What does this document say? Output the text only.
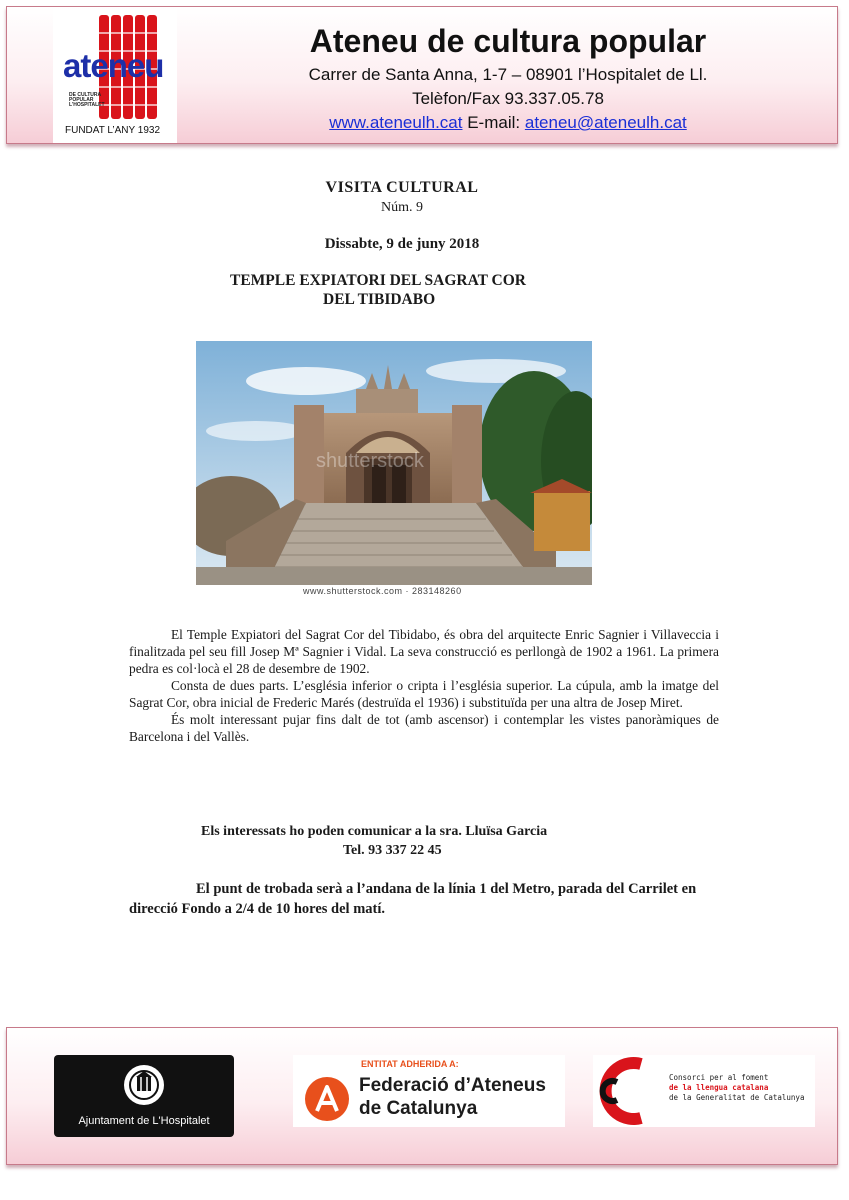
ateneu
DE CULTURA
POPULAR
L'HOSPITALET
FUNDAT L’ANY 1932
Ateneu de cultura popular
Carrer de Santa Anna, 1-7 – 08901 l’Hospitalet de Ll.
Telèfon/Fax 93.337.05.78
www.ateneulh.cat E-mail: ateneu@ateneulh.cat
VISITA CULTURAL
Núm. 9
Dissabte, 9 de juny 2018
TEMPLE EXPIATORI DEL SAGRAT COR
DEL TIBIDABO
shutterstock
www.shutterstock.com · 283148260

El Temple Expiatori del Sagrat Cor del Tibidabo, és obra del arquitecte Enric Sagnier i Villaveccia i finalitzada pel seu fill Josep Mª Sagnier i Vidal. La seva construcció es perllongà de 1902 a 1961. La primera pedra es col·locà el 28 de desembre de 1902.

Consta de dues parts. L’església inferior o cripta i l’església superior. La cúpula, amb la imatge del Sagrat Cor, obra inicial de Frederic Marés (destruïda el 1936) i substituïda per una altra de Josep Miret.

És molt interessant pujar fins dalt de tot (amb ascensor) i contemplar les vistes panoràmiques de Barcelona i del Vallès.

Els interessats ho poden comunicar a la sra. Lluïsa Garcia
Tel. 93 337 22 45

El punt de trobada serà a l’andana de la línia 1 del Metro, parada del Carrilet en direcció Fondo a 2/4 de 10 hores del matí.

Ajuntament de L'Hospitalet
ENTITAT ADHERIDA A:
Federació d’Ateneus
de Catalunya
Consorci per al foment
de la llengua catalana
de la Generalitat de Catalunya
